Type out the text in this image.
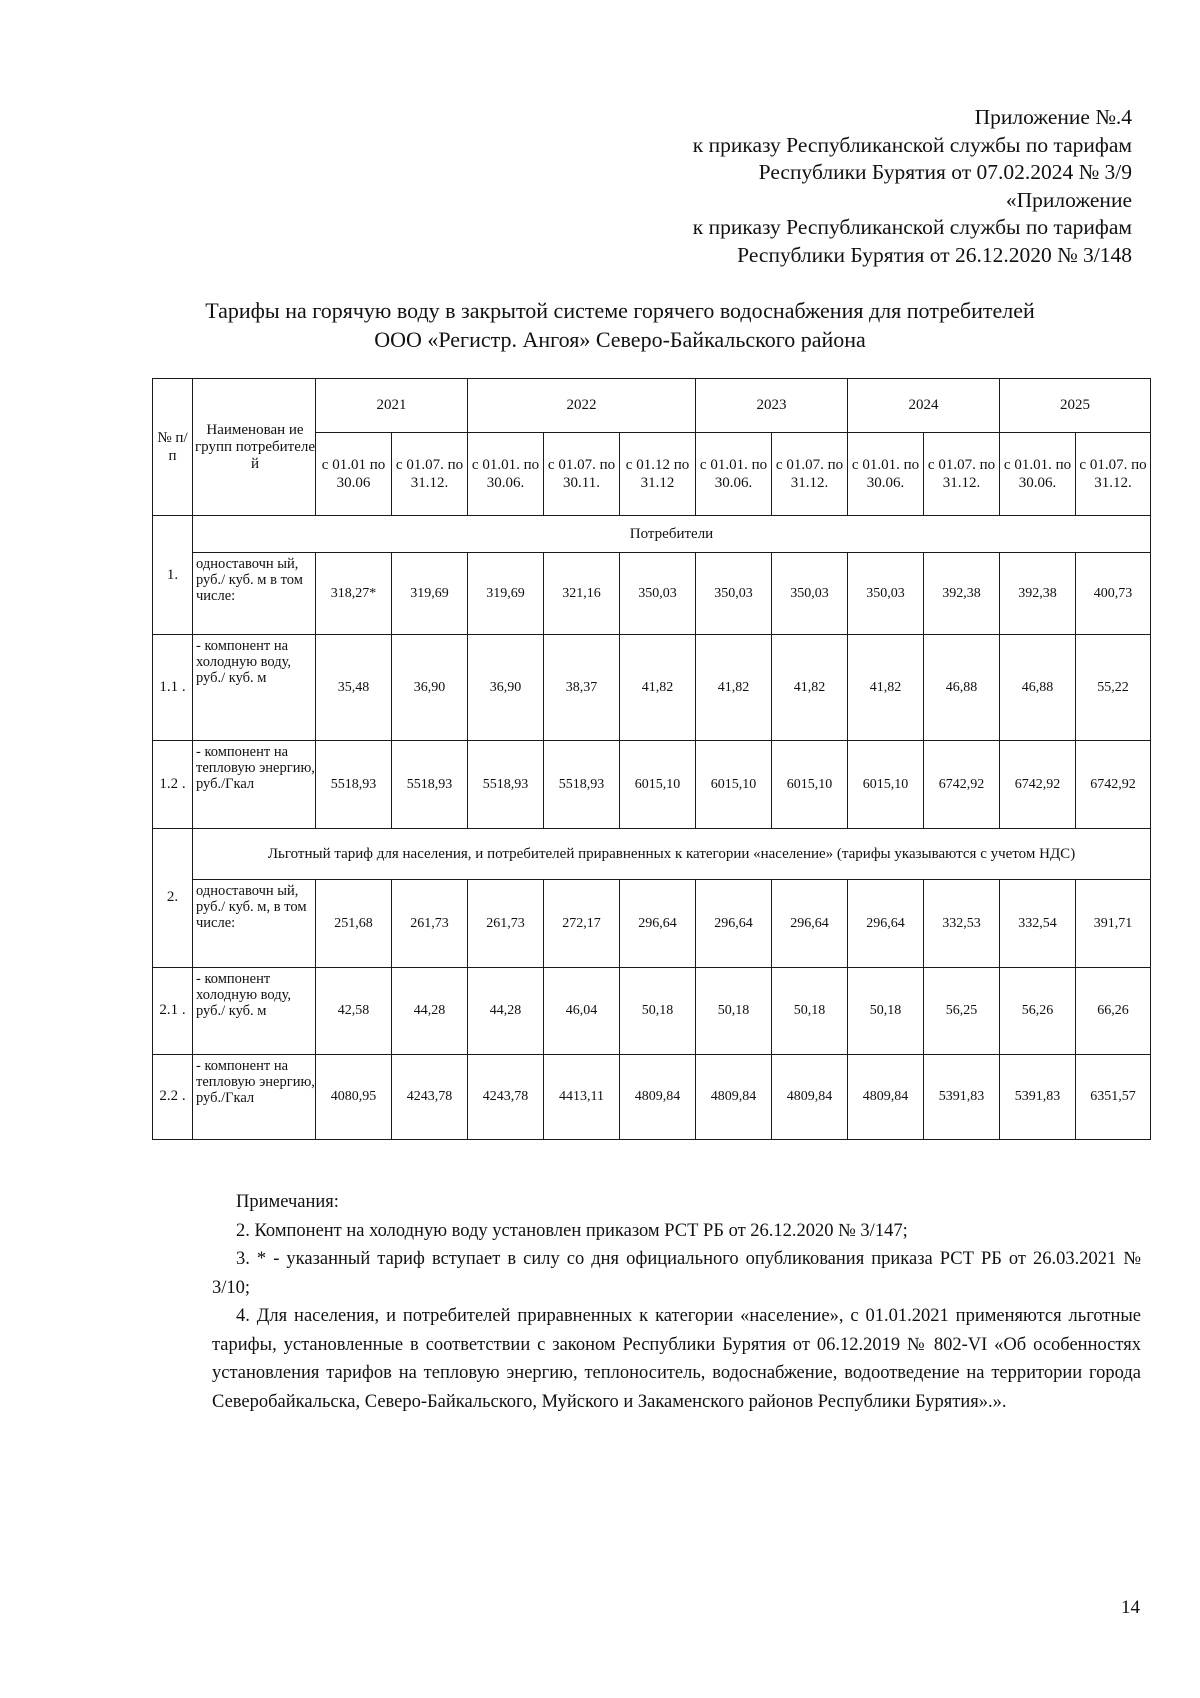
Приложение №.4
к приказу Республиканской службы по тарифам
Республики Бурятия от 07.02.2024 № 3/9
«Приложение
к приказу Республиканской службы по тарифам
Республики Бурятия от 26.12.2020 № 3/148
Тарифы на горячую воду в закрытой системе горячего водоснабжения для потребителей
ООО «Регистр. Ангоя» Северо-Байкальского района
№ п/ п	Наименован ие групп потребителе й	2021		2022			2023		2024		2025	
		с 01.01 по 30.06	с 01.07. по 31.12.	с 01.01. по 30.06.	с 01.07. по 30.11.	с 01.12 по 31.12	с 01.01. по 30.06.	с 01.07. по 31.12.	с 01.01. по 30.06.	с 01.07. по 31.12.	с 01.01. по 30.06.	с 01.07. по 31.12.
1.	Потребители											
	одноставочн ый, руб./ куб. м в том числе:	318,27*	319,69	319,69	321,16	350,03	350,03	350,03	350,03	392,38	392,38	400,73
1.1 .	- компонент на холодную воду, руб./ куб. м	35,48	36,90	36,90	38,37	41,82	41,82	41,82	41,82	46,88	46,88	55,22
1.2 .	- компонент на тепловую энергию, руб./Гкал	5518,93	5518,93	5518,93	5518,93	6015,10	6015,10	6015,10	6015,10	6742,92	6742,92	6742,92
2.	Льготный тариф для населения, и потребителей приравненных к категории «население» (тарифы указываются с учетом НДС)											
	одноставочн ый, руб./ куб. м, в том числе:	251,68	261,73	261,73	272,17	296,64	296,64	296,64	296,64	332,53	332,54	391,71
2.1 .	- компонент холодную воду, руб./ куб. м	42,58	44,28	44,28	46,04	50,18	50,18	50,18	50,18	56,25	56,26	66,26
2.2 .	- компонент на тепловую энергию, руб./Гкал	4080,95	4243,78	4243,78	4413,11	4809,84	4809,84	4809,84	4809,84	5391,83	5391,83	6351,57
Примечания:

2. Компонент на холодную воду установлен приказом РСТ РБ от 26.12.2020 № 3/147;

3. * - указанный тариф вступает в силу со дня официального опубликования приказа РСТ РБ от 26.03.2021 № 3/10;

4. Для населения, и потребителей приравненных к категории «население», с 01.01.2021 применяются льготные тарифы, установленные в соответствии с законом Республики Бурятия от 06.12.2019 № 802-VI «Об особенностях установления тарифов на тепловую энергию, теплоноситель, водоснабжение, водоотведение на территории города Северобайкальска, Северо-Байкальского, Муйского и Закаменского районов Республики Бурятия».».

14
